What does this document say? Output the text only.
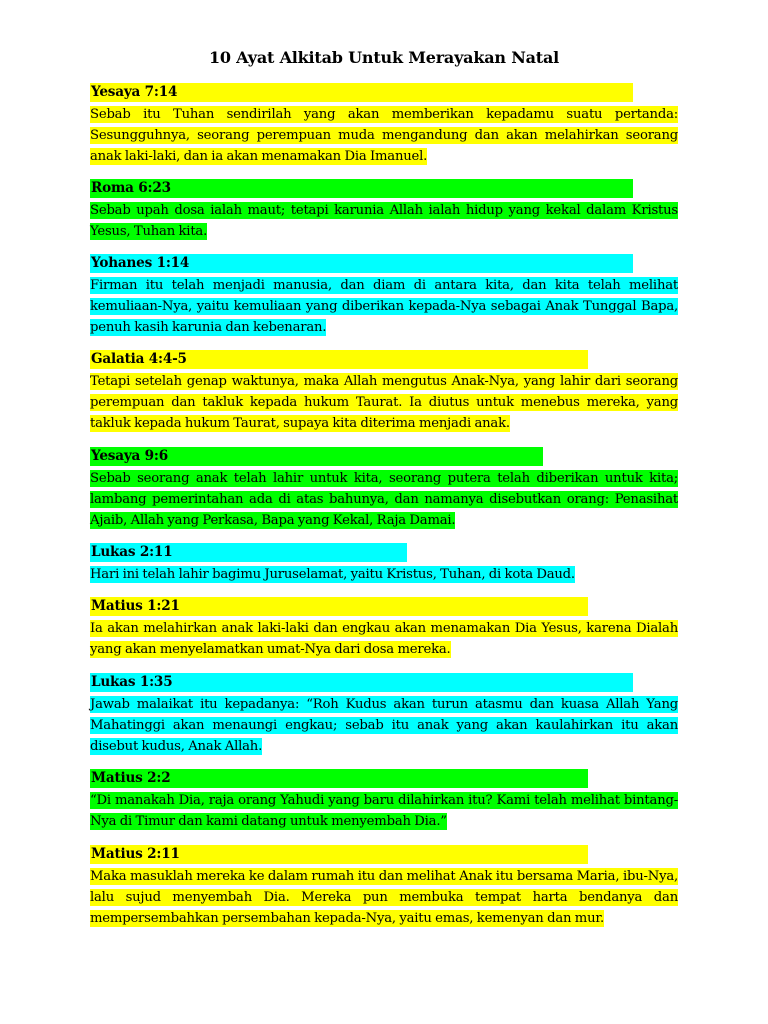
10 Ayat Alkitab Untuk Merayakan Natal
Yesaya 7:14
Sebab itu Tuhan sendirilah yang akan memberikan kepadamu suatu pertanda: Sesungguhnya, seorang perempuan muda mengandung dan akan melahirkan seorang anak laki-laki, dan ia akan menamakan Dia Imanuel.
Roma 6:23
Sebab upah dosa ialah maut; tetapi karunia Allah ialah hidup yang kekal dalam Kristus Yesus, Tuhan kita.
Yohanes 1:14
Firman itu telah menjadi manusia, dan diam di antara kita, dan kita telah melihat kemuliaan-Nya, yaitu kemuliaan yang diberikan kepada-Nya sebagai Anak Tunggal Bapa, penuh kasih karunia dan kebenaran.
Galatia 4:4-5
Tetapi setelah genap waktunya, maka Allah mengutus Anak-Nya, yang lahir dari seorang perempuan dan takluk kepada hukum Taurat. Ia diutus untuk menebus mereka, yang takluk kepada hukum Taurat, supaya kita diterima menjadi anak.
Yesaya 9:6
Sebab seorang anak telah lahir untuk kita, seorang putera telah diberikan untuk kita; lambang pemerintahan ada di atas bahunya, dan namanya disebutkan orang: Penasihat Ajaib, Allah yang Perkasa, Bapa yang Kekal, Raja Damai.
Lukas 2:11
Hari ini telah lahir bagimu Juruselamat, yaitu Kristus, Tuhan, di kota Daud.
Matius 1:21
Ia akan melahirkan anak laki-laki dan engkau akan menamakan Dia Yesus, karena Dialah yang akan menyelamatkan umat-Nya dari dosa mereka.
Lukas 1:35
Jawab malaikat itu kepadanya: “Roh Kudus akan turun atasmu dan kuasa Allah Yang Mahatinggi akan menaungi engkau; sebab itu anak yang akan kaulahirkan itu akan disebut kudus, Anak Allah.
Matius 2:2
“Di manakah Dia, raja orang Yahudi yang baru dilahirkan itu? Kami telah melihat bintang-Nya di Timur dan kami datang untuk menyembah Dia.”
Matius 2:11
Maka masuklah mereka ke dalam rumah itu dan melihat Anak itu bersama Maria, ibu-Nya, lalu sujud menyembah Dia. Mereka pun membuka tempat harta bendanya dan mempersembahkan persembahan kepada-Nya, yaitu emas, kemenyan dan mur.
